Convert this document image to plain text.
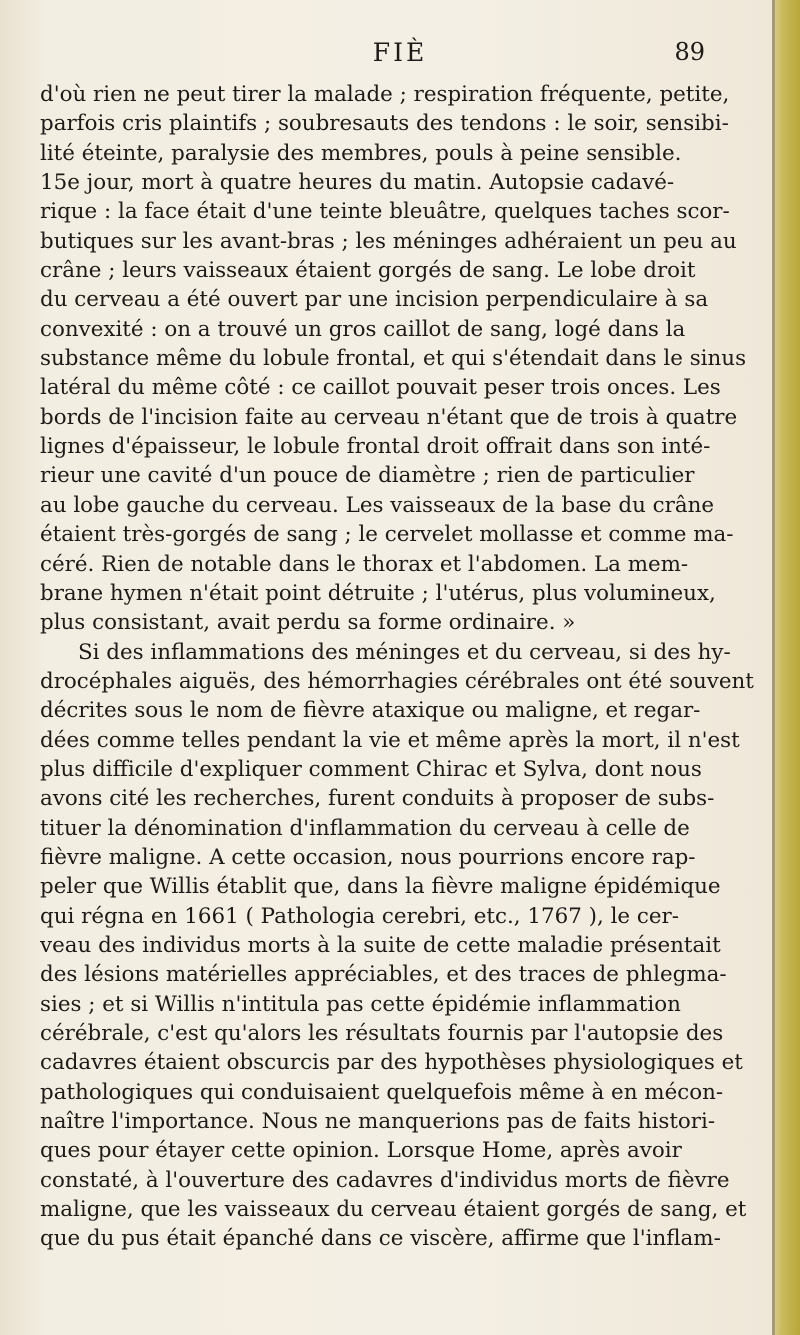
FIÈ	89
d'où rien ne peut tirer la malade ; respiration fréquente, petite,
parfois cris plaintifs ; soubresauts des tendons : le soir, sensibi-
lité éteinte, paralysie des membres, pouls à peine sensible.
15e jour, mort à quatre heures du matin. Autopsie cadavé-
rique : la face était d'une teinte bleuâtre, quelques taches scor-
butiques sur les avant-bras ; les méninges adhéraient un peu au
crâne ; leurs vaisseaux étaient gorgés de sang. Le lobe droit
du cerveau a été ouvert par une incision perpendiculaire à sa
convexité : on a trouvé un gros caillot de sang, logé dans la
substance même du lobule frontal, et qui s'étendait dans le sinus
latéral du même côté : ce caillot pouvait peser trois onces. Les
bords de l'incision faite au cerveau n'étant que de trois à quatre
lignes d'épaisseur, le lobule frontal droit offrait dans son inté-
rieur une cavité d'un pouce de diamètre ; rien de particulier
au lobe gauche du cerveau. Les vaisseaux de la base du crâne
étaient très-gorgés de sang ; le cervelet mollasse et comme ma-
céré. Rien de notable dans le thorax et l'abdomen. La mem-
brane hymen n'était point détruite ; l'utérus, plus volumineux,
plus consistant, avait perdu sa forme ordinaire. »
Si des inflammations des méninges et du cerveau, si des hy-
drocéphales aiguës, des hémorrhagies cérébrales ont été souvent
décrites sous le nom de fièvre ataxique ou maligne, et regar-
dées comme telles pendant la vie et même après la mort, il n'est
plus difficile d'expliquer comment Chirac et Sylva, dont nous
avons cité les recherches, furent conduits à proposer de subs-
tituer la dénomination d'inflammation du cerveau à celle de
fièvre maligne. A cette occasion, nous pourrions encore rap-
peler que Willis établit que, dans la fièvre maligne épidémique
qui régna en 1661 ( Pathologia cerebri, etc., 1767 ), le cer-
veau des individus morts à la suite de cette maladie présentait
des lésions matérielles appréciables, et des traces de phlegma-
sies ; et si Willis n'intitula pas cette épidémie inflammation
cérébrale, c'est qu'alors les résultats fournis par l'autopsie des
cadavres étaient obscurcis par des hypothèses physiologiques et
pathologiques qui conduisaient quelquefois même à en mécon-
naître l'importance. Nous ne manquerions pas de faits histori-
ques pour étayer cette opinion. Lorsque Home, après avoir
constaté, à l'ouverture des cadavres d'individus morts de fièvre
maligne, que les vaisseaux du cerveau étaient gorgés de sang, et
que du pus était épanché dans ce viscère, affirme que l'inflam-
